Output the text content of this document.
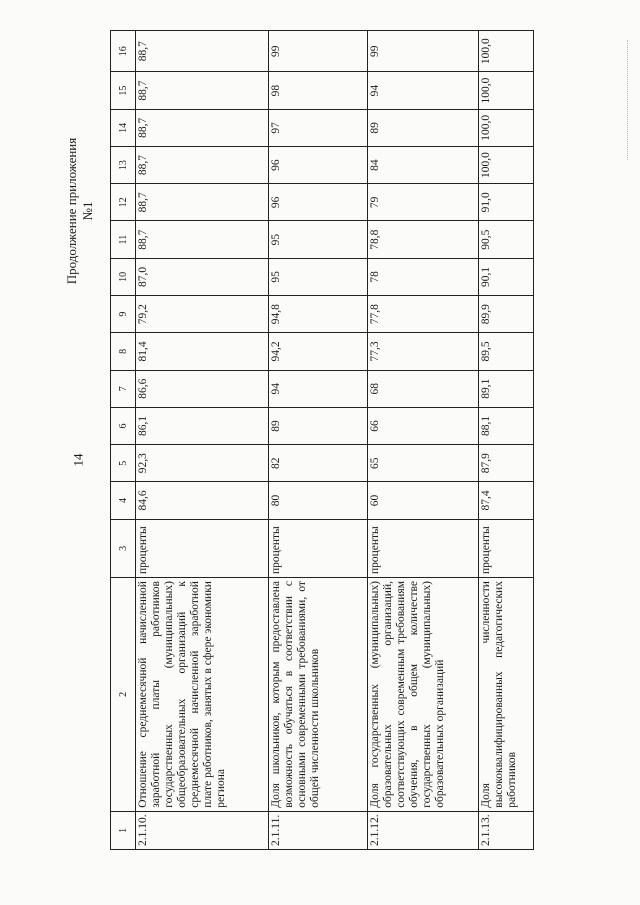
14
Продолжение приложения №1
1	2	3	4	5	6	7	8	9	10	11	12	13	14	15	16
2.1.10.	Отношение среднемесячной начисленной заработной платы работников государственных (муниципальных) общеобразовательных организаций к среднемесячной начисленной заработной плате работников, занятых в сфере экономики региона	проценты	84,6	92,3	86,1	86,6	81,4	79,2	87,0	88,7	88,7	88,7	88,7	88,7	88,7
2.1.11.	Доля школьников, которым предоставлена возможность обучаться в соответствии с основными современными требованиями, от общей численности школьников	проценты	80	82	89	94	94,2	94,8	95	95	96	96	97	98	99
2.1.12.	Доля государственных (муниципальных) образовательных организаций, соответствующих современным требованиям обучения, в общем количестве государственных (муниципальных) образовательных организаций	проценты	60	65	66	68	77,3	77,8	78	78,8	79	84	89	94	99
2.1.13.	Доля численности высококвалифицированных педагогических работников	проценты	87,4	87,9	88,1	89,1	89,5	89,9	90,1	90,5	91,0	100,0	100,0	100,0	100,0
